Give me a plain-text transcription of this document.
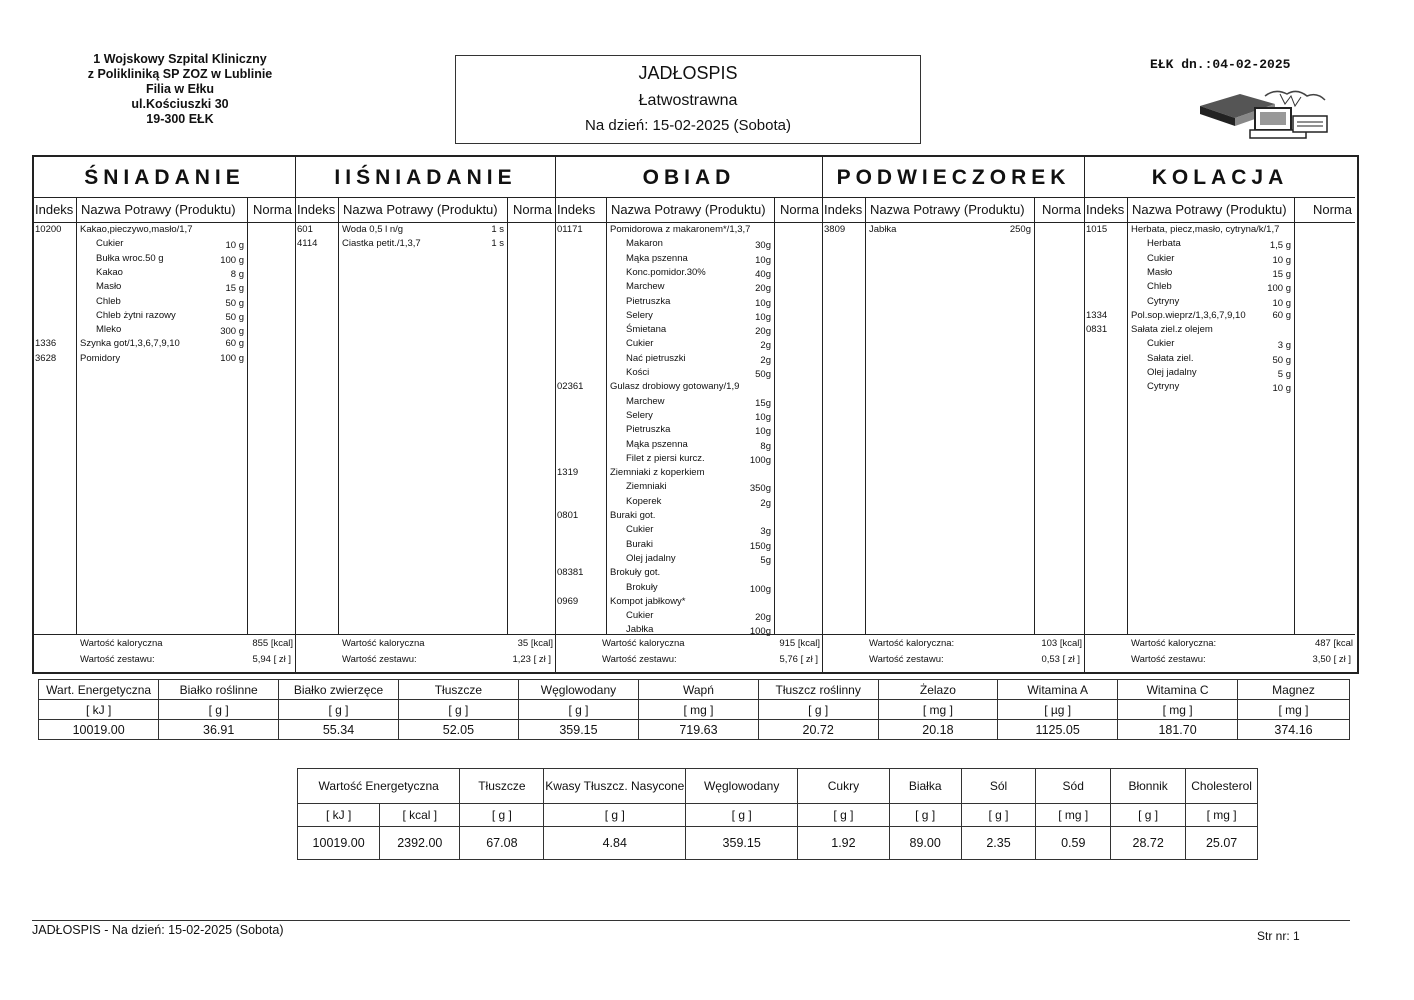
1 Wojskowy Szpital Kliniczny
z Polikliniką SP ZOZ w Lublinie
Filia w Ełku
ul.Kościuszki 30
19-300 EŁK
JADŁOSPIS
Łatwostrawna
Na dzień: 15-02-2025 (Sobota)
EŁK dn.:04-02-2025
ŚNIADANIE
Indeks Nazwa Potrawy (Produktu) Norma
10200 Kakao,pieczywo,masło/1,7
Cukier	10 g
Bułka wroc.50 g	100 g
Kakao	8 g
Masło	15 g
Chleb	50 g
Chleb żytni razowy	50 g
Mleko	300 g
1336	Szynka got/1,3,6,7,9,10	60 g
3628	Pomidory	100 g
Wartość kaloryczna	855 [kcal]
Wartość zestawu:	5,94 [ zł ]
IIŚNIADANIE
Indeks Nazwa Potrawy (Produktu) Norma
601	Woda 0,5 l n/g	1 s
4114	Ciastka petit./1,3,7	1 s
Wartość kaloryczna	35 [kcal]
Wartość zestawu:	1,23 [ zł ]
OBIAD
Indeks Nazwa Potrawy (Produktu) Norma
01171	Pomidorowa z makaronem*/1,3,7
Makaron	30g
Mąka pszenna	10g
Konc.pomidor.30%	40g
Marchew	20g
Pietruszka	10g
Selery	10g
Śmietana	20g
Cukier	2g
Nać pietruszki	2g
Kości	50g
02361	Gulasz drobiowy gotowany/1,9
Marchew	15g
Selery	10g
Pietruszka	10g
Mąka pszenna	8g
Filet z piersi kurcz.	100g
1319	Ziemniaki z koperkiem
Ziemniaki	350g
Koperek	2g
0801	Buraki got.
Cukier	3g
Buraki	150g
Olej jadalny	5g
08381	Brokuły got.
Brokuły	100g
0969	Kompot jabłkowy*
Cukier	20g
Jabłka	100g
Wartość kaloryczna	915 [kcal]
Wartość zestawu:	5,76 [ zł ]
PODWIECZOREK
Indeks Nazwa Potrawy (Produktu) Norma
3809	Jabłka	250g
Wartość kaloryczna:	103 [kcal]
Wartość zestawu:	0,53 [ zł ]
KOLACJA
Indeks Nazwa Potrawy (Produktu) Norma
1015	Herbata, piecz,masło, cytryna/k/1,7
Herbata	1,5 g
Cukier	10 g
Masło	15 g
Chleb	100 g
Cytryny	10 g
1334	Pol.sop.wieprz/1,3,6,7,9,10	60 g
0831	Sałata ziel.z olejem
Cukier	3 g
Sałata ziel.	50 g
Olej jadalny	5 g
Cytryny	10 g
Wartość kaloryczna:	487 [kcal
Wartość zestawu:	3,50 [ zł ]
Wart. Energetyczna	Białko roślinne	Białko zwierzęce	Tłuszcze	Węglowodany	Wapń	Tłuszcz roślinny	Żelazo	Witamina A	Witamina C	Magnez
[ kJ ]	[ g ]	[ g ]	[ g ]	[ g ]	[ mg ]	[ g ]	[ mg ]	[ µg ]	[ mg ]	[ mg ]
10019.00	36.91	55.34	52.05	359.15	719.63	20.72	20.18	1125.05	181.70	374.16
Wartość Energetyczna		Tłuszcze	Kwasy Tłuszcz. Nasycone	Węglowodany	Cukry	Białka	Sól	Sód	Błonnik	Cholesterol
[ kJ ]	[ kcal ]	[ g ]	[ g ]	[ g ]	[ g ]	[ g ]	[ g ]	[ mg ]	[ g ]	[ mg ]
10019.00	2392.00	67.08	4.84	359.15	1.92	89.00	2.35	0.59	28.72	25.07
JADŁOSPIS - Na dzień: 15-02-2025 (Sobota)	Str nr: 1
